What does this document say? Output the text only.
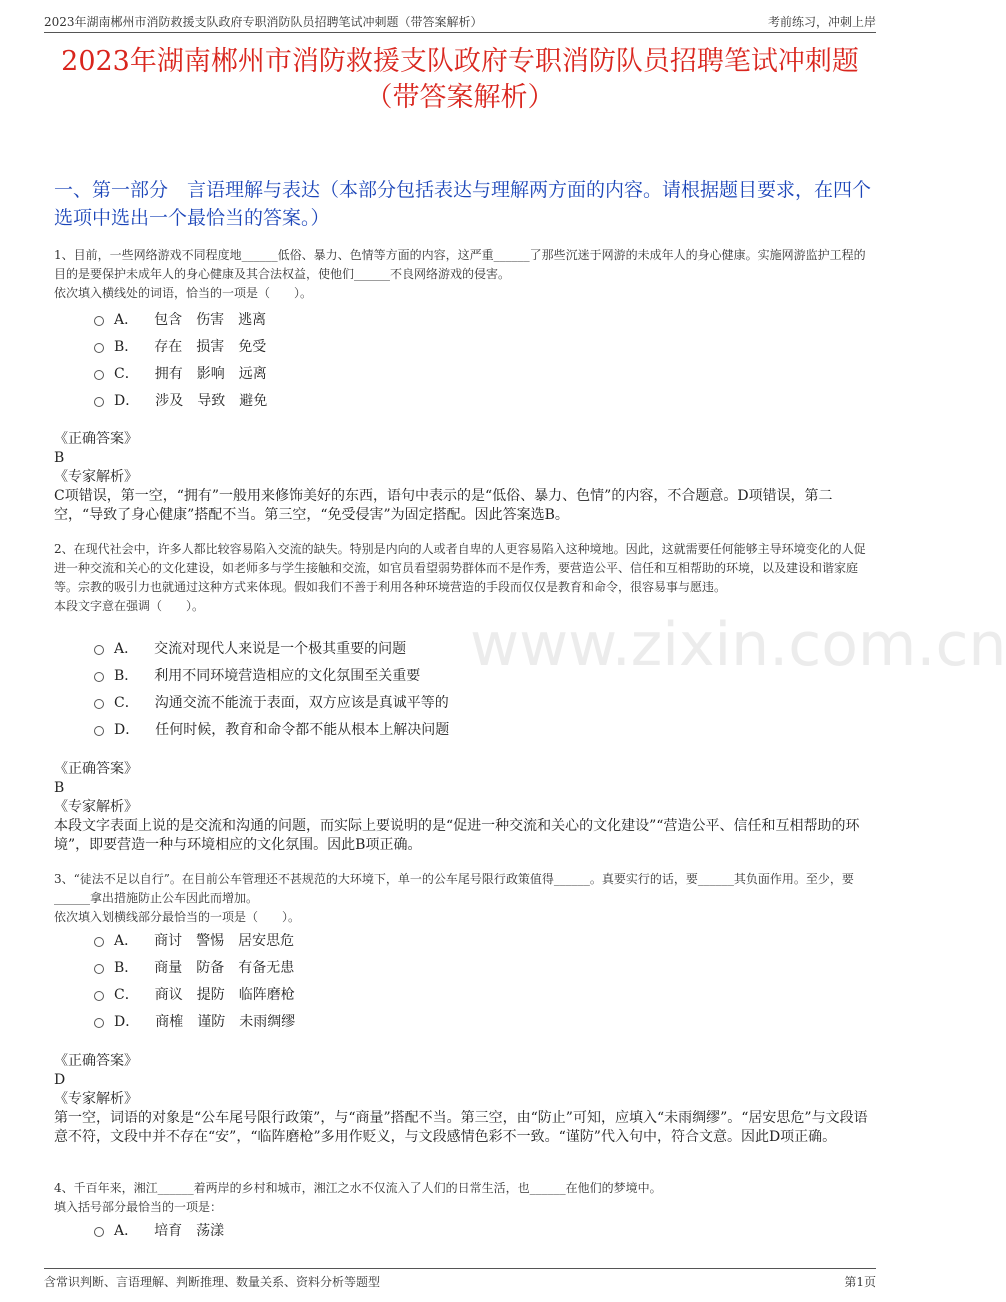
2023年湖南郴州市消防救援支队政府专职消防队员招聘笔试冲刺题（带答案解析）	考前练习，冲刺上岸
2023年湖南郴州市消防救援支队政府专职消防队员招聘笔试冲刺题（带答案解析）
一、第一部分　言语理解与表达（本部分包括表达与理解两方面的内容。请根据题目要求，在四个选项中选出一个最恰当的答案。）
www.zixin.com.cn
1、目前，一些网络游戏不同程度地______低俗、暴力、色情等方面的内容，这严重______了那些沉迷于网游的未成年人的身心健康。实施网游监护工程的目的是要保护未成年人的身心健康及其合法权益，使他们______不良网络游戏的侵害。
依次填入横线处的词语，恰当的一项是（　　）。
A． 包含　伤害　逃离
B． 存在　损害　免受
C． 拥有　影响　远离
D． 涉及　导致　避免
《正确答案》
B
《专家解析》
C项错误，第一空，“拥有”一般用来修饰美好的东西，语句中表示的是“低俗、暴力、色情”的内容，不合题意。D项错误，第二空，“导致了身心健康”搭配不当。第三空，“免受侵害”为固定搭配。因此答案选B。
2、在现代社会中，许多人都比较容易陷入交流的缺失。特别是内向的人或者自卑的人更容易陷入这种境地。因此，这就需要任何能够主导环境变化的人促进一种交流和关心的文化建设，如老师多与学生接触和交流，如官员看望弱势群体而不是作秀，要营造公平、信任和互相帮助的环境，以及建设和谐家庭等。宗教的吸引力也就通过这种方式来体现。假如我们不善于利用各种环境营造的手段而仅仅是教育和命令，很容易事与愿违。
本段文字意在强调（　　）。
A． 交流对现代人来说是一个极其重要的问题
B． 利用不同环境营造相应的文化氛围至关重要
C． 沟通交流不能流于表面，双方应该是真诚平等的
D． 任何时候，教育和命令都不能从根本上解决问题
《正确答案》
B
《专家解析》
本段文字表面上说的是交流和沟通的问题，而实际上要说明的是“促进一种交流和关心的文化建设”“营造公平、信任和互相帮助的环境”，即要营造一种与环境相应的文化氛围。因此B项正确。
3、“徒法不足以自行”。在目前公车管理还不甚规范的大环境下，单一的公车尾号限行政策值得______。真要实行的话，要______其负面作用。至少，要______拿出措施防止公车因此而增加。
依次填入划横线部分最恰当的一项是（　　）。
A． 商讨　警惕　居安思危
B． 商量　防备　有备无患
C． 商议　提防　临阵磨枪
D． 商榷　谨防　未雨绸缪
《正确答案》
D
《专家解析》
第一空，词语的对象是“公车尾号限行政策”，与“商量”搭配不当。第三空，由“防止”可知，应填入“未雨绸缪”。“居安思危”与文段语意不符，文段中并不存在“安”，“临阵磨枪”多用作贬义，与文段感情色彩不一致。“谨防”代入句中，符合文意。因此D项正确。
4、千百年来，湘江______着两岸的乡村和城市，湘江之水不仅流入了人们的日常生活，也______在他们的梦境中。
填入括号部分最恰当的一项是：
A． 培育　荡漾
含常识判断、言语理解、判断推理、数量关系、资料分析等题型	第1页
